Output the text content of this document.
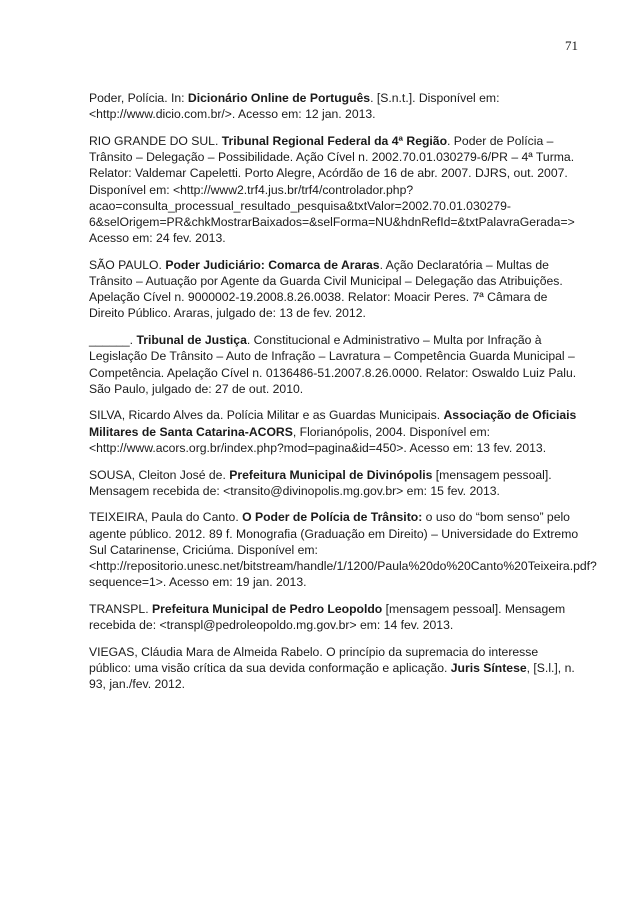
71

Poder, Polícia. In: Dicionário Online de Português. [S.n.t.]. Disponível em: <http://www.dicio.com.br/>. Acesso em: 12 jan. 2013.

RIO GRANDE DO SUL. Tribunal Regional Federal da 4ª Região. Poder de Polícia – Trânsito – Delegação – Possibilidade. Ação Cível n. 2002.70.01.030279-6/PR – 4ª Turma. Relator: Valdemar Capeletti. Porto Alegre, Acórdão de 16 de abr. 2007. DJRS, out. 2007. Disponível em: <http://www2.trf4.jus.br/trf4/controlador.php?acao=consulta_processual_resultado_pesquisa&txtValor=2002.70.01.030279-6&selOrigem=PR&chkMostrarBaixados=&selForma=NU&hdnRefId=&txtPalavraGerada=> Acesso em: 24 fev. 2013.

SÃO PAULO. Poder Judiciário: Comarca de Araras. Ação Declaratória – Multas de Trânsito – Autuação por Agente da Guarda Civil Municipal – Delegação das Atribuições. Apelação Cível n. 9000002-19.2008.8.26.0038. Relator: Moacir Peres. 7ª Câmara de Direito Público. Araras, julgado de: 13 de fev. 2012.

______. Tribunal de Justiça. Constitucional e Administrativo – Multa por Infração à Legislação De Trânsito – Auto de Infração – Lavratura – Competência Guarda Municipal – Competência. Apelação Cível n. 0136486-51.2007.8.26.0000. Relator: Oswaldo Luiz Palu. São Paulo, julgado de: 27 de out. 2010.

SILVA, Ricardo Alves da. Polícia Militar e as Guardas Municipais. Associação de Oficiais Militares de Santa Catarina-ACORS, Florianópolis, 2004. Disponível em: <http://www.acors.org.br/index.php?mod=pagina&id=450>. Acesso em: 13 fev. 2013.

SOUSA, Cleiton José de. Prefeitura Municipal de Divinópolis [mensagem pessoal]. Mensagem recebida de: <transito@divinopolis.mg.gov.br> em: 15 fev. 2013.

TEIXEIRA, Paula do Canto. O Poder de Polícia de Trânsito: o uso do “bom senso” pelo agente público. 2012. 89 f. Monografia (Graduação em Direito) – Universidade do Extremo Sul Catarinense, Criciúma. Disponível em: <http://repositorio.unesc.net/bitstream/handle/1/1200/Paula%20do%20Canto%20Teixeira.pdf?sequence=1>. Acesso em: 19 jan. 2013.

TRANSPL. Prefeitura Municipal de Pedro Leopoldo [mensagem pessoal]. Mensagem recebida de: <transpl@pedroleopoldo.mg.gov.br> em: 14 fev. 2013.

VIEGAS, Cláudia Mara de Almeida Rabelo. O princípio da supremacia do interesse público: uma visão crítica da sua devida conformação e aplicação. Juris Síntese, [S.l.], n. 93, jan./fev. 2012.
